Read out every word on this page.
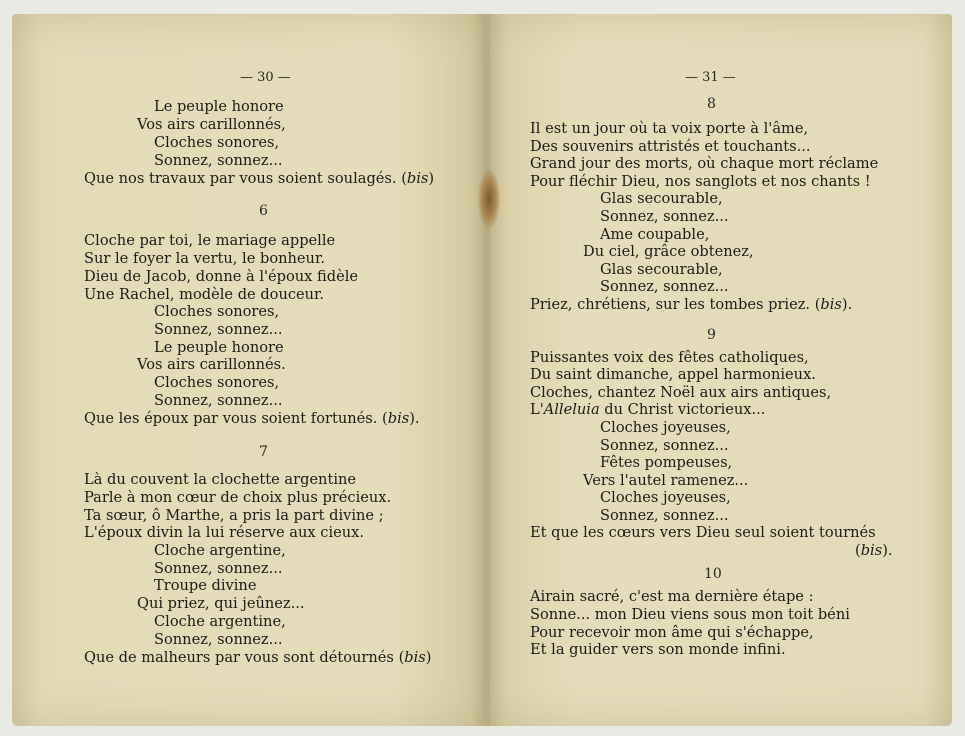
— 30 —

Le peuple honore

Vos airs carillonnés,

Cloches sonores,

Sonnez, sonnez...

Que nos travaux par vous soient soulagés. (bis)

6

Cloche par toi, le mariage appelle

Sur le foyer la vertu, le bonheur.

Dieu de Jacob, donne à l'époux fidèle

Une Rachel, modèle de douceur.

Cloches sonores,

Sonnez, sonnez...

Le peuple honore

Vos airs carillonnés.

Cloches sonores,

Sonnez, sonnez...

Que les époux par vous soient fortunés. (bis).

7

Là du couvent la clochette argentine

Parle à mon cœur de choix plus précieux.

Ta sœur, ô Marthe, a pris la part divine ;

L'époux divin la lui réserve aux cieux.

Cloche argentine,

Sonnez, sonnez...

Troupe divine

Qui priez, qui jeûnez...

Cloche argentine,

Sonnez, sonnez...

Que de malheurs par vous sont détournés (bis)

— 31 —
8

Il est un jour où ta voix porte à l'âme,

Des souvenirs attristés et touchants...

Grand jour des morts, où chaque mort réclame

Pour fléchir Dieu, nos sanglots et nos chants !

Glas secourable,

Sonnez, sonnez...

Ame coupable,

Du ciel, grâce obtenez,

Glas secourable,

Sonnez, sonnez...

Priez, chrétiens, sur les tombes priez. (bis).

9

Puissantes voix des fêtes catholiques,

Du saint dimanche, appel harmonieux.

Cloches, chantez Noël aux airs antiques,

L'Alleluia du Christ victorieux...

Cloches joyeuses,

Sonnez, sonnez...

Fêtes pompeuses,

Vers l'autel ramenez...

Cloches joyeuses,

Sonnez, sonnez...

Et que les cœurs vers Dieu seul soient tournés

(bis).

10

Airain sacré, c'est ma dernière étape :

Sonne... mon Dieu viens sous mon toit béni

Pour recevoir mon âme qui s'échappe,

Et la guider vers son monde infini.
